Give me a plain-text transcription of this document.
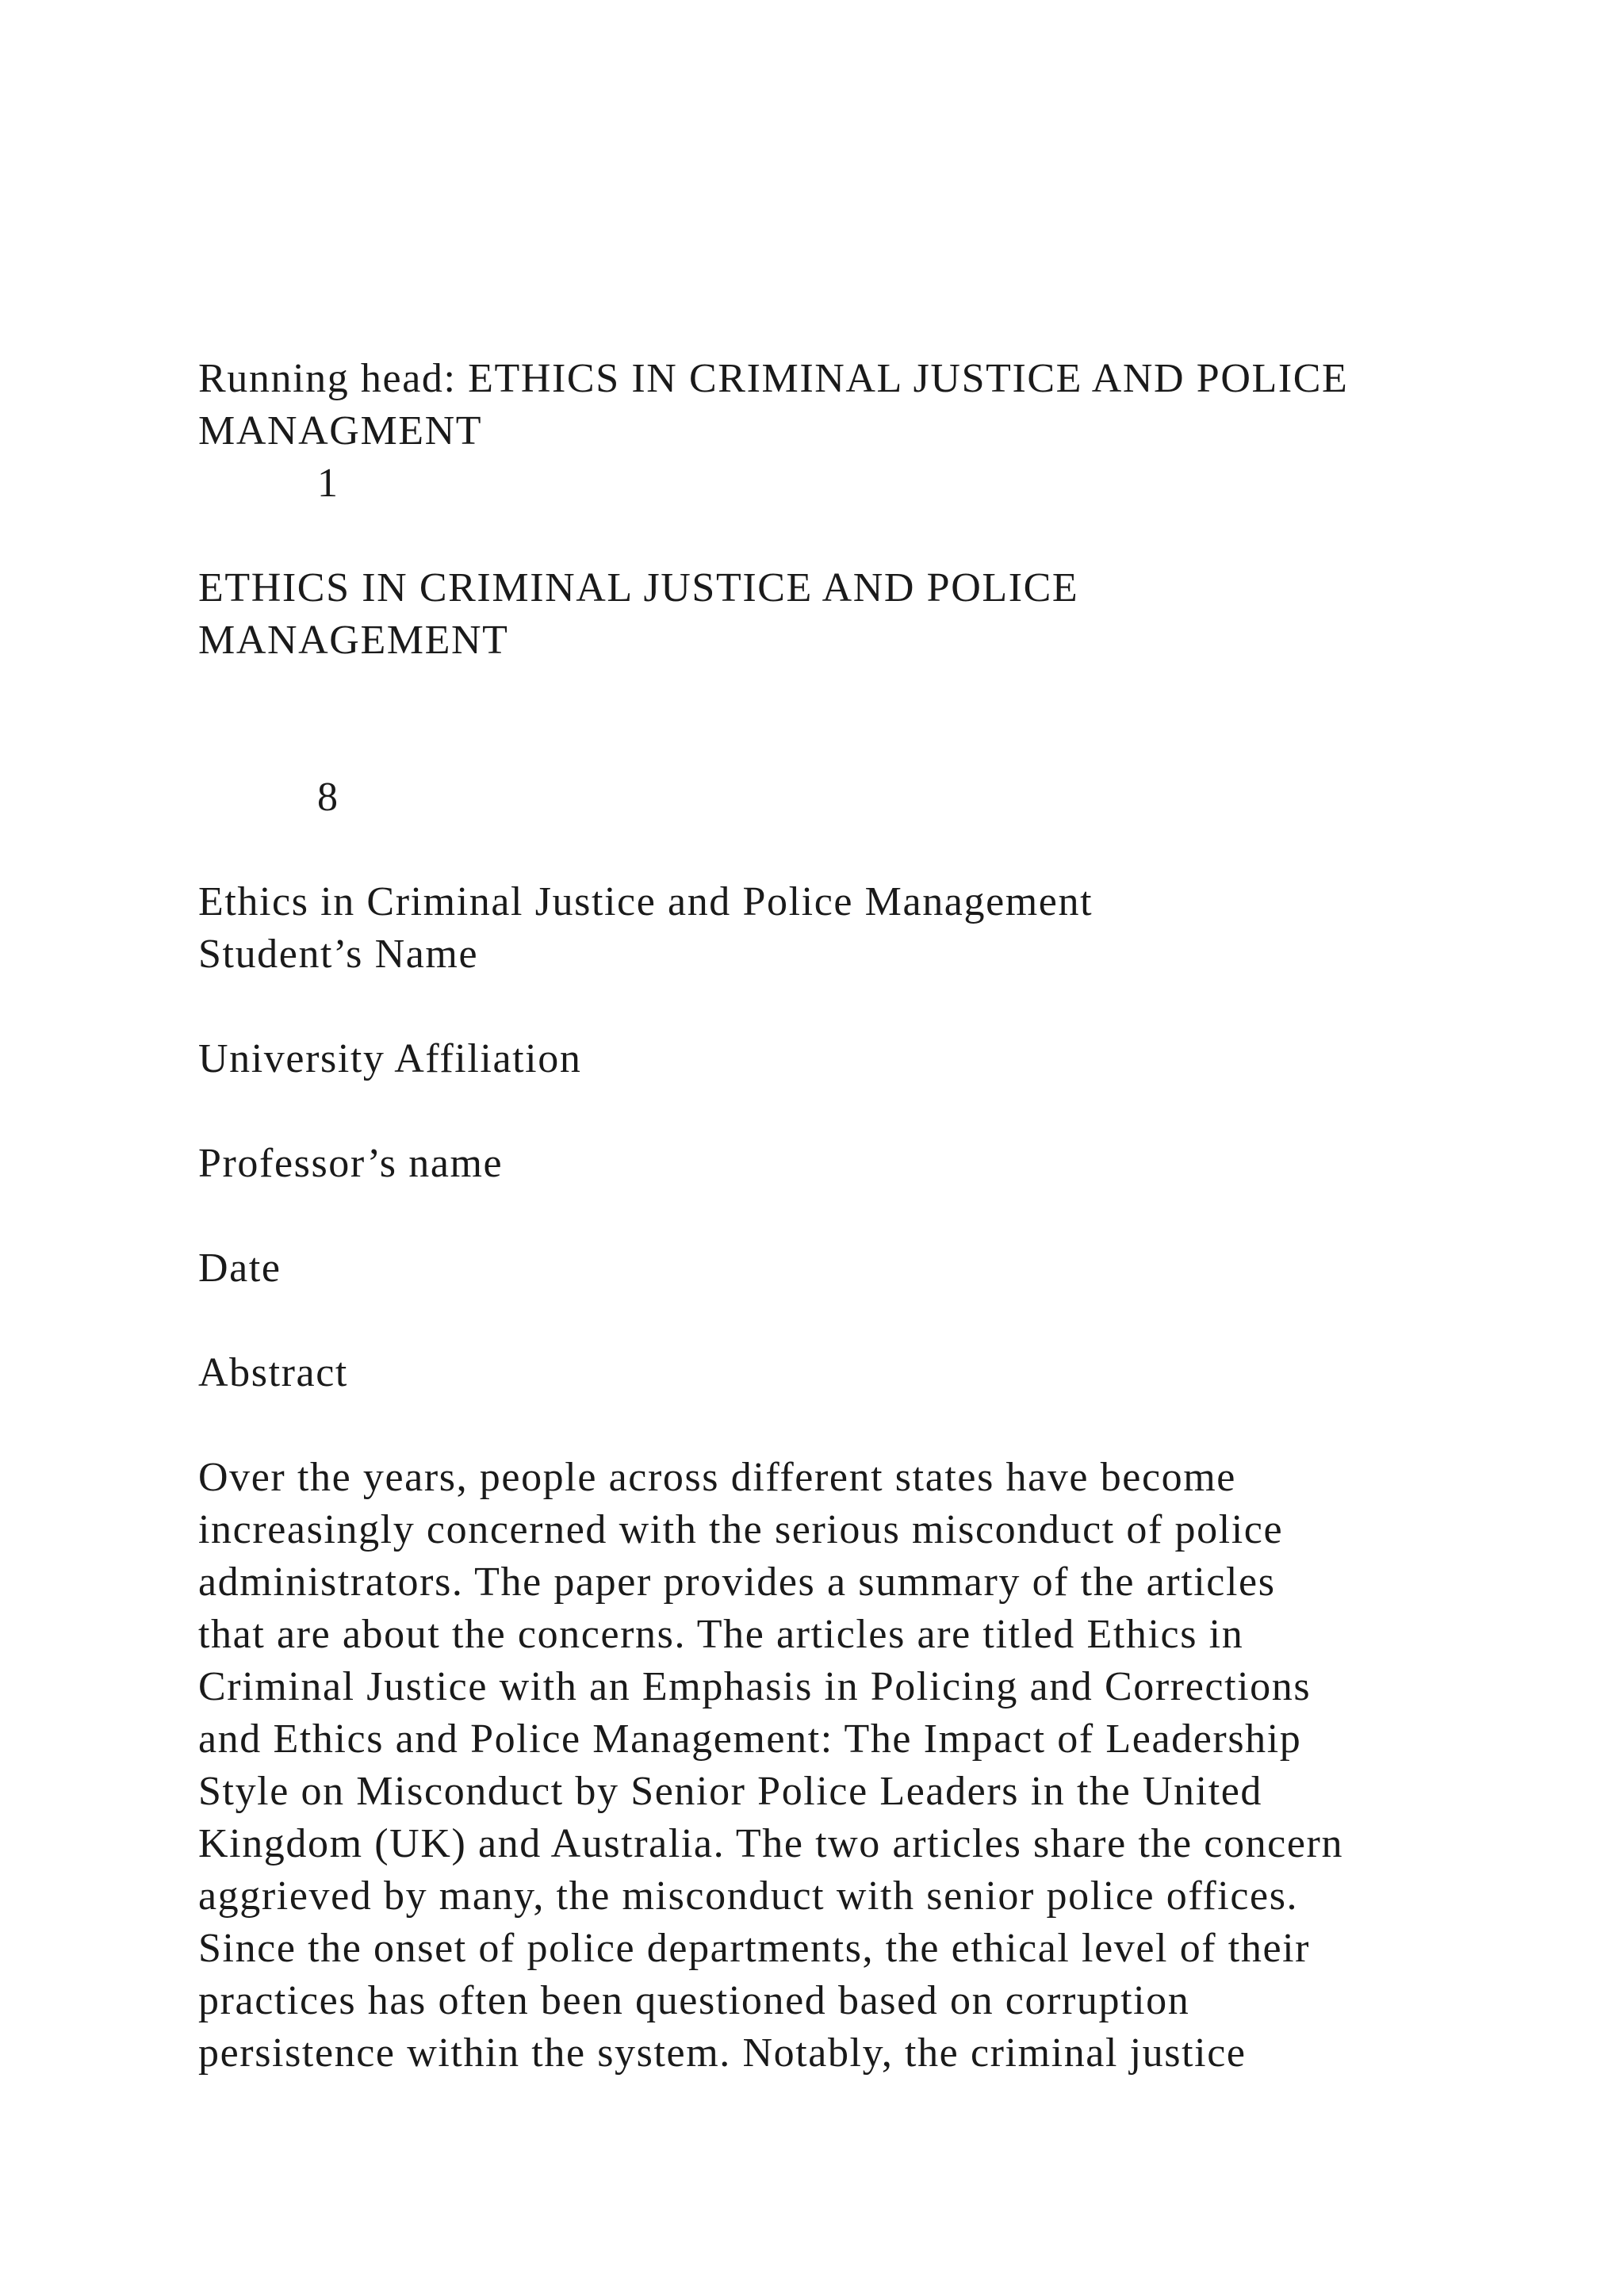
Running head: ETHICS IN CRIMINAL JUSTICE AND POLICE
MANAGMENT
1
ETHICS IN CRIMINAL JUSTICE AND POLICE
MANAGEMENT
8
Ethics in Criminal Justice and Police Management
Student’s Name
University Affiliation
Professor’s name
Date
Abstract
Over the years, people across different states have become
increasingly concerned with the serious misconduct of police
administrators. The paper provides a summary of the articles
that are about the concerns. The articles are titled Ethics in
Criminal Justice with an Emphasis in Policing and Corrections
and Ethics and Police Management: The Impact of Leadership
Style on Misconduct by Senior Police Leaders in the United
Kingdom (UK) and Australia. The two articles share the concern
aggrieved by many, the misconduct with senior police offices.
Since the onset of police departments, the ethical level of their
practices has often been questioned based on corruption
persistence within the system. Notably, the criminal justice
